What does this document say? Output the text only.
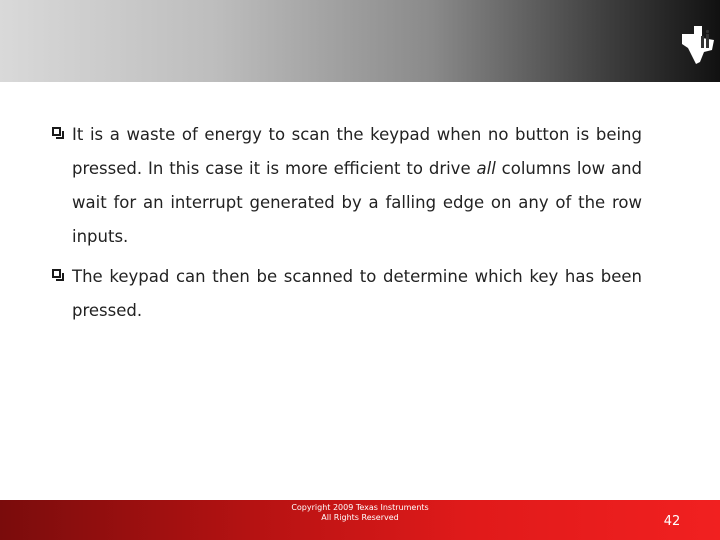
It is a waste of energy to scan the keypad when no button is being pressed. In this case it is more efficient to drive all columns low and wait for an interrupt generated by a falling edge on any of the row inputs.
The keypad can then be scanned to determine which key has been pressed.
Copyright 2009 Texas Instruments
All Rights Reserved	42
